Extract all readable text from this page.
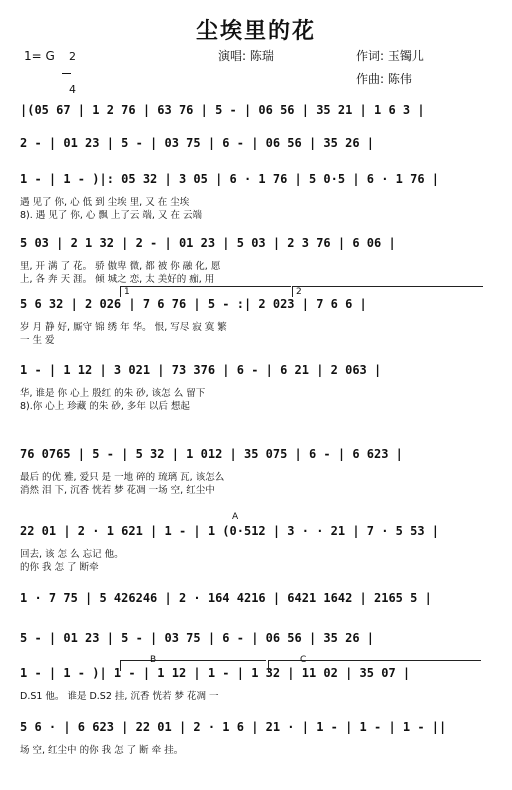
尘埃里的花
1= G	2

4

演唱: 陈瑞	作词: 玉镯儿
作曲: 陈伟
|(05 67 | 1 2 76 | 63 76 | 5 - | 06 56 | 35 21 | 1 6 3 |
2 - | 01 23 | 5 - | 03 75 | 6 - | 06 56 | 35 26 |
1 - | 1 - )|: 05 32 | 3 05 | 6 · 1 76 | 5 0·5 | 6 · 1 76 |
遇 见了 你, 心 低 到 尘埃 里, 又 在 尘埃
8). 遇 见了 你, 心 飘 上了云 端, 又 在 云端
5 03 | 2 1 32 | 2 - | 01 23 | 5 03 | 2 3 76 | 6 06 |
里, 开 满 了 花。 骄 傲卑 微, 都 被 你 融 化, 愿
上, 各 奔 天 涯。 倾 城之 恋, 太 美好的 痂, 用
5 6 32 | 2 026 | 7 6 76 | 5 - :| 2 023 | 7 6 6 |
岁 月 静 好, 厮守 锦 绣 年 华。 恨, 写尽 寂 寞 繁
一 生 爱
1 - | 1 12 | 3 021 | 73 376 | 6 - | 6 21 | 2 063 |
华, 谁是 你 心上 殷红 的朱 砂, 该怎 么 留下
8).你 心上 珍藏 的朱 砂, 多年 以后 想起
76 0765 | 5 - | 5 32 | 1 012 | 35 075 | 6 - | 6 623 |
最后 的优 雅, 爱只 是 一地 碎的 琉璃 瓦, 该怎么
消然 泪 下, 沉香 恍若 梦 花凋 一场 空, 红尘中
22 01 | 2 · 1 621 | 1 - | 1 (0·512 | 3 · · 21 | 7 · 5 53 |
回去, 该 怎 么 忘记 他。
的你 我 怎 了 断牵
1 · 7 75 | 5 426246 | 2 · 164 4216 | 6421 1642 | 2165 5 |
5 - | 01 23 | 5 - | 03 75 | 6 - | 06 56 | 35 26 |
1 - | 1 - )| 1 - | 1 12 | 1 - | 1 32 | 11 02 | 35 07 |
D.S1 他。 谁是 D.S2 挂, 沉香 恍若 梦 花凋 一
5 6 · | 6 623 | 22 01 | 2 · 1 6 | 21 · | 1 - | 1 - | 1 - ||
场 空, 红尘中 的你 我 怎 了 断 牵 挂。
1	2
A
B	C
